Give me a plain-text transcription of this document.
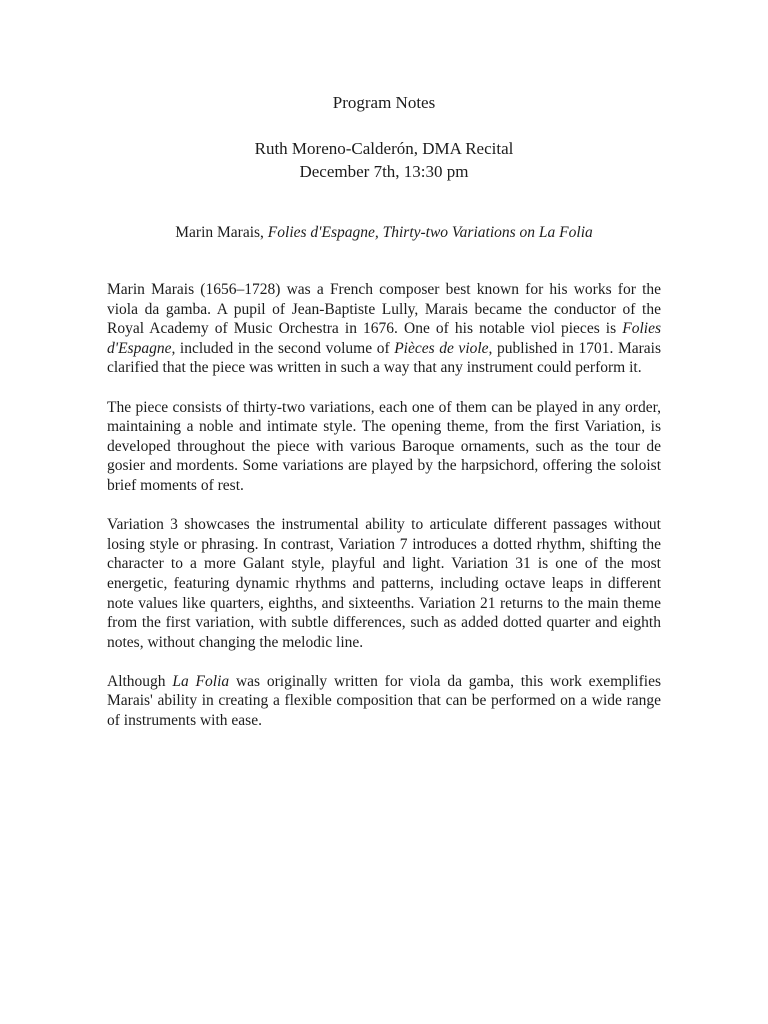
Program Notes
Ruth Moreno-Calderón, DMA Recital
December 7th, 13:30 pm
Marin Marais, Folies d'Espagne, Thirty-two Variations on La Folia

Marin Marais (1656–1728) was a French composer best known for his works for the viola da gamba. A pupil of Jean-Baptiste Lully, Marais became the conductor of the Royal Academy of Music Orchestra in 1676. One of his notable viol pieces is Folies d'Espagne, included in the second volume of Pièces de viole, published in 1701. Marais clarified that the piece was written in such a way that any instrument could perform it.

The piece consists of thirty-two variations, each one of them can be played in any order, maintaining a noble and intimate style. The opening theme, from the first Variation, is developed throughout the piece with various Baroque ornaments, such as the tour de gosier and mordents. Some variations are played by the harpsichord, offering the soloist brief moments of rest.

Variation 3 showcases the instrumental ability to articulate different passages without losing style or phrasing. In contrast, Variation 7 introduces a dotted rhythm, shifting the character to a more Galant style, playful and light. Variation 31 is one of the most energetic, featuring dynamic rhythms and patterns, including octave leaps in different note values like quarters, eighths, and sixteenths. Variation 21 returns to the main theme from the first variation, with subtle differences, such as added dotted quarter and eighth notes, without changing the melodic line.

Although La Folia was originally written for viola da gamba, this work exemplifies Marais' ability in creating a flexible composition that can be performed on a wide range of instruments with ease.
